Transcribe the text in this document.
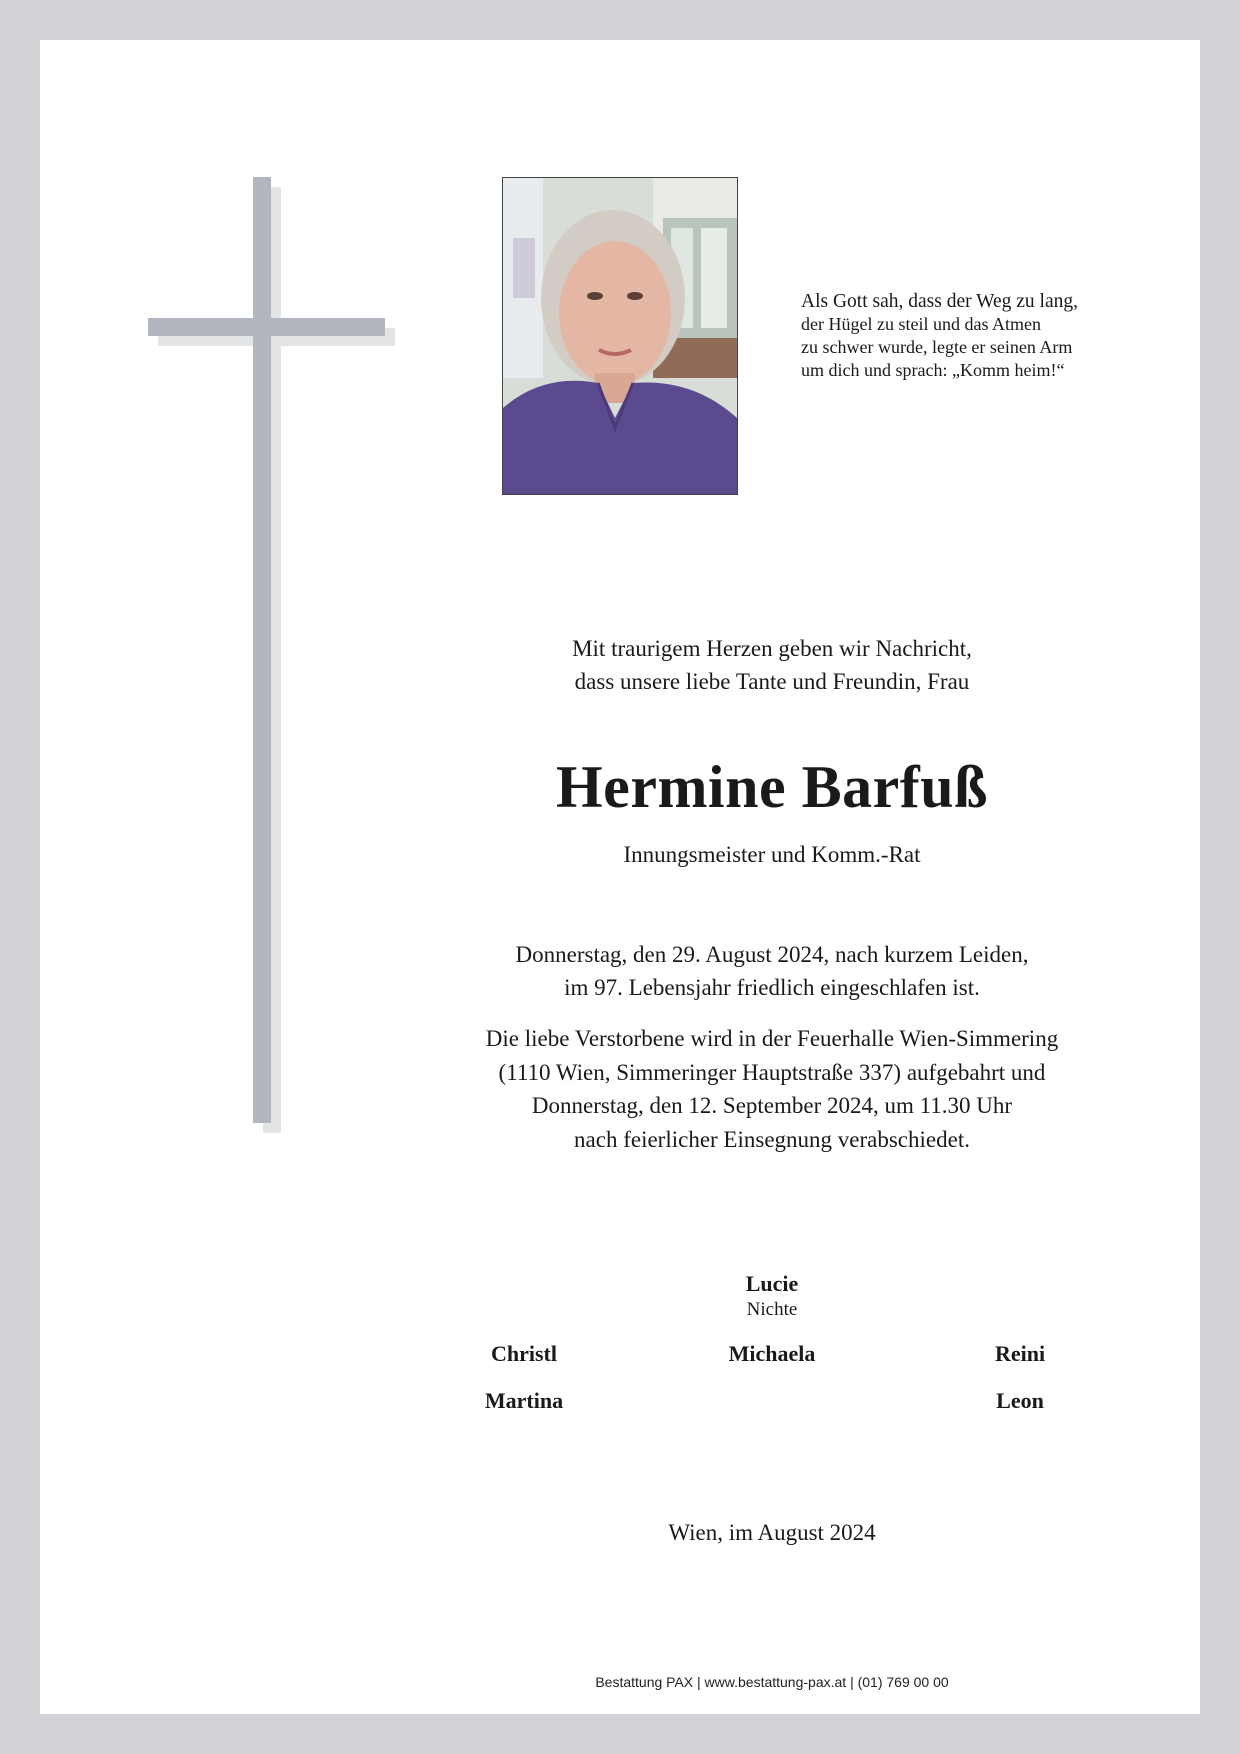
Als Gott sah, dass der Weg zu lang,
der Hügel zu steil und das Atmen
zu schwer wurde, legte er seinen Arm
um dich und sprach: „Komm heim!“
Mit traurigem Herzen geben wir Nachricht,
dass unsere liebe Tante und Freundin, Frau
Hermine Barfuß
Innungsmeister und Komm.-Rat
Donnerstag, den 29. August 2024, nach kurzem Leiden,
im 97. Lebensjahr friedlich eingeschlafen ist.
Die liebe Verstorbene wird in der Feuerhalle Wien-Simmering
(1110 Wien, Simmeringer Hauptstraße 337) aufgebahrt und
Donnerstag, den 12. September 2024, um 11.30 Uhr
nach feierlicher Einsegnung verabschiedet.
Lucie
Nichte
Christl	Michaela	Reini
Martina	Leon
Wien, im August 2024
Bestattung PAX | www.bestattung-pax.at | (01) 769 00 00
